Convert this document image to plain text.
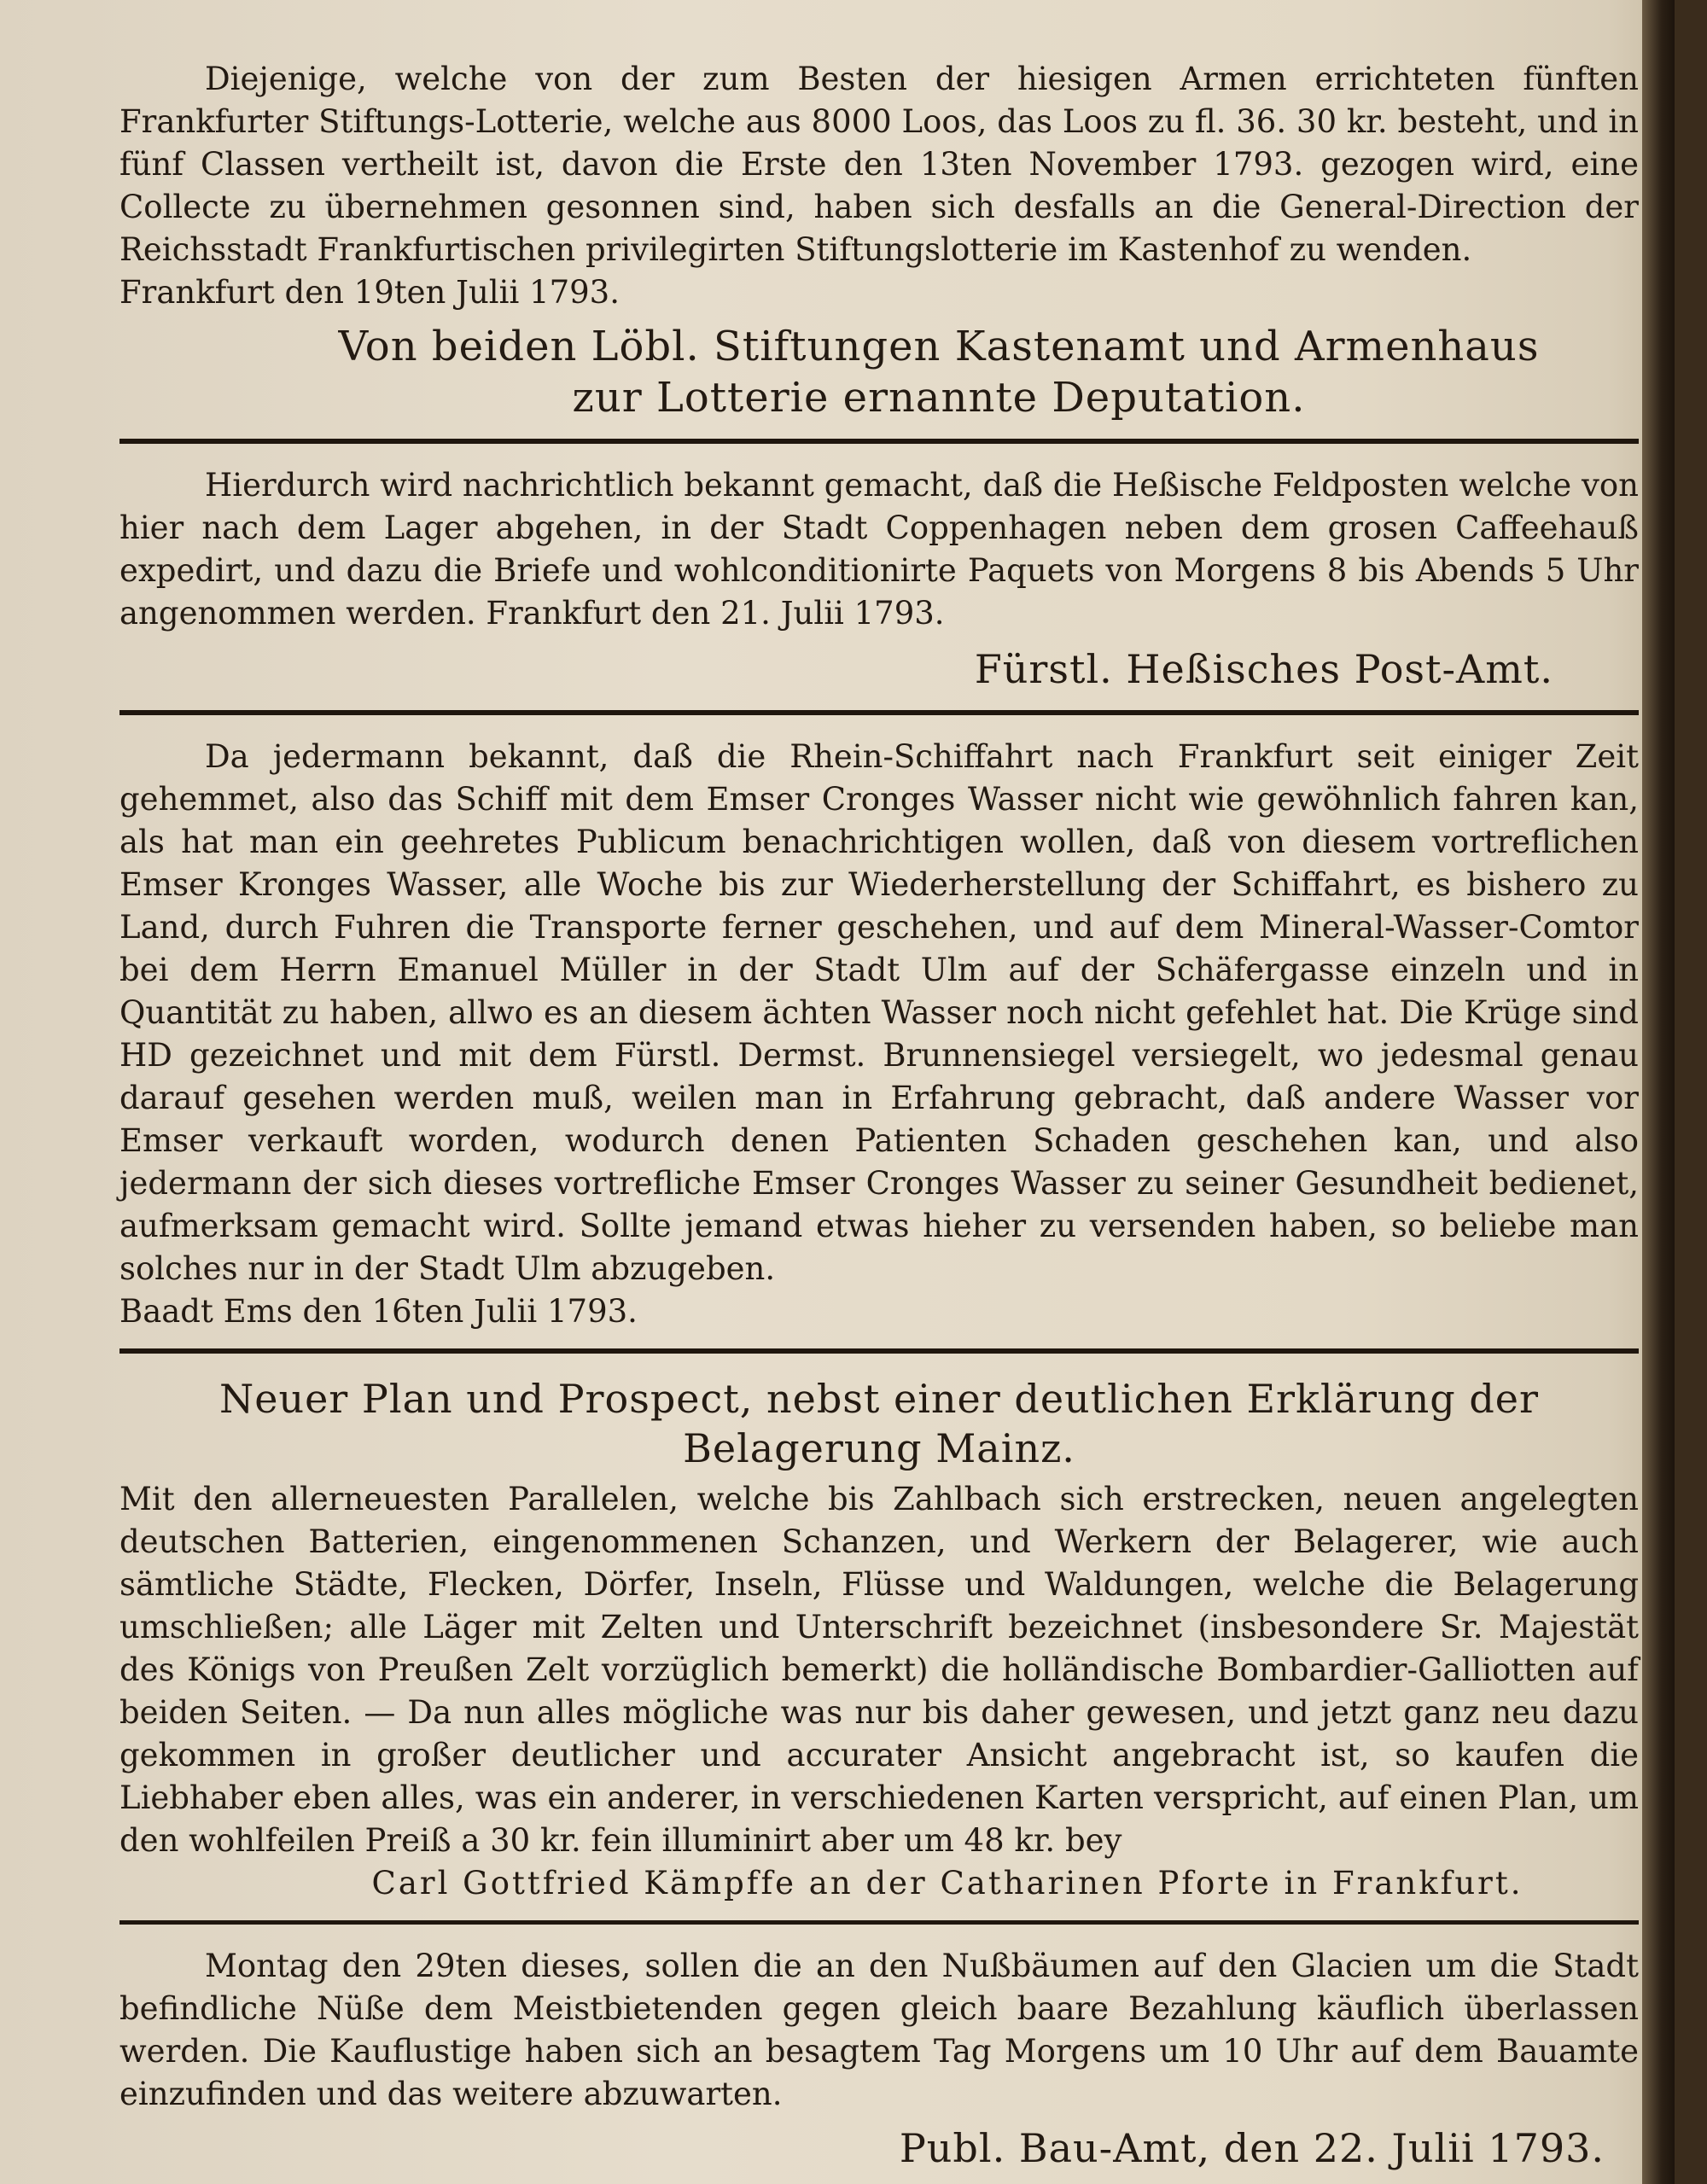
Diejenige, welche von der zum Besten der hiesigen Armen errichteten fünften Frankfurter Stiftungs-Lotterie, welche aus 8000 Loos, das Loos zu fl. 36. 30 kr. besteht, und in fünf Classen vertheilt ist, davon die Erste den 13ten November 1793. gezogen wird, eine Collecte zu übernehmen gesonnen sind, haben sich desfalls an die General-Direction der Reichsstadt Frankfurtischen privilegirten Stiftungslotterie im Kastenhof zu wenden.

Frankfurt den 19ten Julii 1793.

Von beiden Löbl. Stiftungen Kastenamt und Armenhaus
zur Lotterie ernannte Deputation.

Hierdurch wird nachrichtlich bekannt gemacht, daß die Heßische Feldposten welche von hier nach dem Lager abgehen, in der Stadt Coppenhagen neben dem grosen Caffeehauß expedirt, und dazu die Briefe und wohlconditionirte Paquets von Morgens 8 bis Abends 5 Uhr angenommen werden. Frankfurt den 21. Julii 1793.

Fürstl. Heßisches Post-Amt.

Da jedermann bekannt, daß die Rhein-Schiffahrt nach Frankfurt seit einiger Zeit gehemmet, also das Schiff mit dem Emser Cronges Wasser nicht wie gewöhnlich fahren kan, als hat man ein geehretes Publicum benachrichtigen wollen, daß von diesem vortreflichen Emser Kronges Wasser, alle Woche bis zur Wiederherstellung der Schiffahrt, es bishero zu Land, durch Fuhren die Transporte ferner geschehen, und auf dem Mineral-Wasser-Comtor bei dem Herrn Emanuel Müller in der Stadt Ulm auf der Schäfergasse einzeln und in Quantität zu haben, allwo es an diesem ächten Wasser noch nicht gefehlet hat. Die Krüge sind HD gezeichnet und mit dem Fürstl. Dermst. Brunnensiegel versiegelt, wo jedesmal genau darauf gesehen werden muß, weilen man in Erfahrung gebracht, daß andere Wasser vor Emser verkauft worden, wodurch denen Patienten Schaden geschehen kan, und also jedermann der sich dieses vortrefliche Emser Cronges Wasser zu seiner Gesundheit bedienet, aufmerksam gemacht wird. Sollte jemand etwas hieher zu versenden haben, so beliebe man solches nur in der Stadt Ulm abzugeben.

Baadt Ems den 16ten Julii 1793.

Neuer Plan und Prospect, nebst einer deutlichen Erklärung der
Belagerung Mainz.

Mit den allerneuesten Parallelen, welche bis Zahlbach sich erstrecken, neuen angelegten deutschen Batterien, eingenommenen Schanzen, und Werkern der Belagerer, wie auch sämtliche Städte, Flecken, Dörfer, Inseln, Flüsse und Waldungen, welche die Belagerung umschließen; alle Läger mit Zelten und Unterschrift bezeichnet (insbesondere Sr. Majestät des Königs von Preußen Zelt vorzüglich bemerkt) die holländische Bombardier-Galliotten auf beiden Seiten. — Da nun alles mögliche was nur bis daher gewesen, und jetzt ganz neu dazu gekommen in großer deutlicher und accurater Ansicht angebracht ist, so kaufen die Liebhaber eben alles, was ein anderer, in verschiedenen Karten verspricht, auf einen Plan, um den wohlfeilen Preiß a 30 kr. fein illuminirt aber um 48 kr. bey

Carl Gottfried Kämpffe an der Catharinen Pforte in Frankfurt.

Montag den 29ten dieses, sollen die an den Nußbäumen auf den Glacien um die Stadt befindliche Nüße dem Meistbietenden gegen gleich baare Bezahlung käuflich überlassen werden. Die Kauflustige haben sich an besagtem Tag Morgens um 10 Uhr auf dem Bauamte einzufinden und das weitere abzuwarten.

Publ. Bau-Amt, den 22. Julii 1793.
